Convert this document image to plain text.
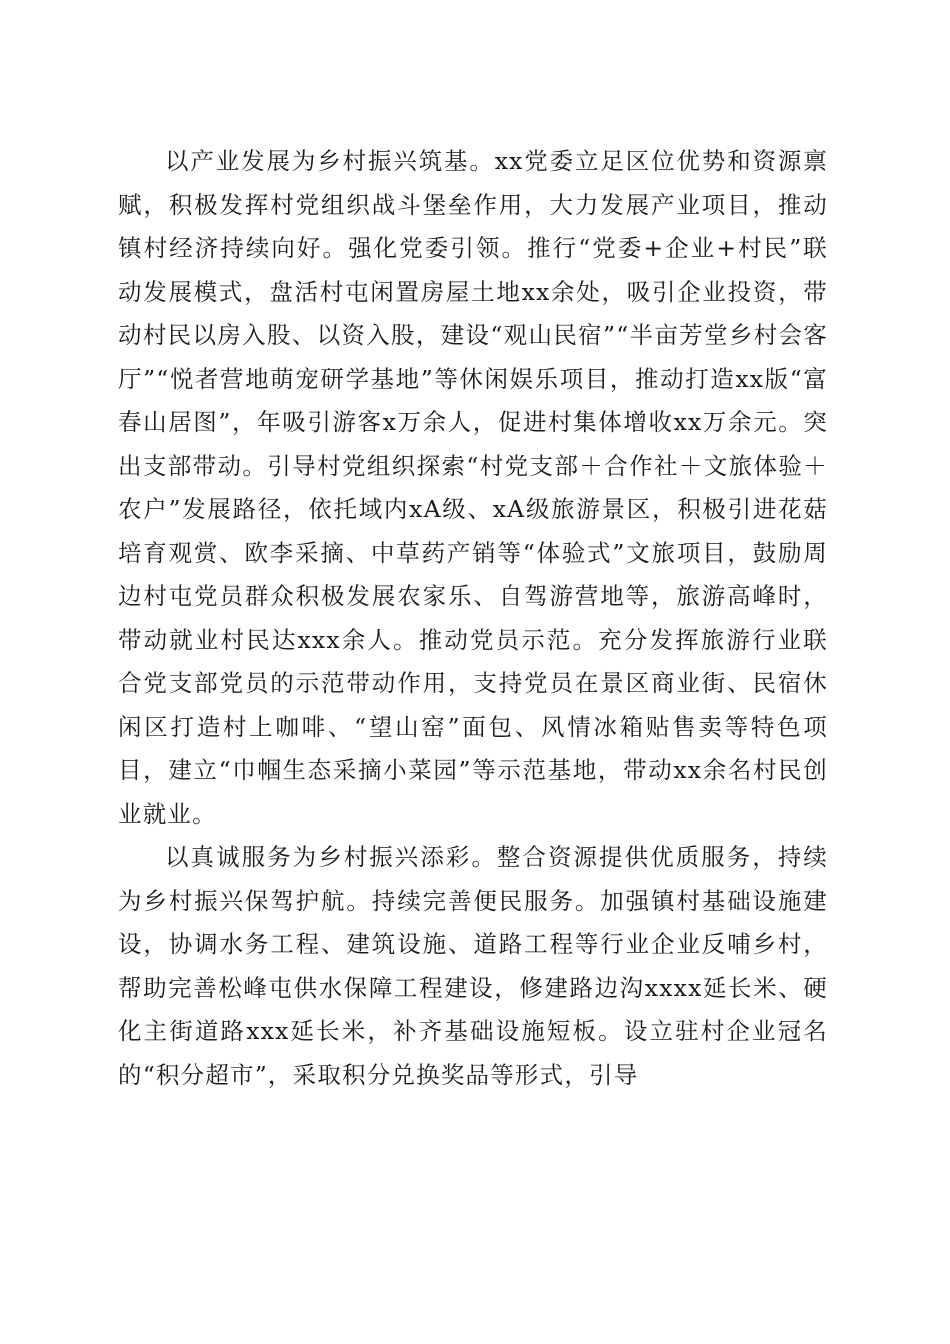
以产业发展为乡村振兴筑基。xx党委立足区位优势和资源禀赋，积极发挥村党组织战斗堡垒作用，大力发展产业项目，推动镇村经济持续向好。强化党委引领。推行“党委+企业+村民”联动发展模式，盘活村屯闲置房屋土地xx余处，吸引企业投资，带动村民以房入股、以资入股，建设“观山民宿”“半亩芳堂乡村会客厅”“悦者营地萌宠研学基地”等休闲娱乐项目，推动打造xx版“富春山居图”，年吸引游客x万余人，促进村集体增收xx万余元。突出支部带动。引导村党组织探索“村党支部＋合作社＋文旅体验＋农户”发展路径，依托域内xA级、xA级旅游景区，积极引进花菇培育观赏、欧李采摘、中草药产销等“体验式”文旅项目，鼓励周边村屯党员群众积极发展农家乐、自驾游营地等，旅游高峰时，带动就业村民达xxx余人。推动党员示范。充分发挥旅游行业联合党支部党员的示范带动作用，支持党员在景区商业街、民宿休闲区打造村上咖啡、“望山窑”面包、风情冰箱贴售卖等特色项目，建立“巾帼生态采摘小菜园”等示范基地，带动xx余名村民创业就业。

以真诚服务为乡村振兴添彩。整合资源提供优质服务，持续为乡村振兴保驾护航。持续完善便民服务。加强镇村基础设施建设，协调水务工程、建筑设施、道路工程等行业企业反哺乡村，帮助完善松峰屯供水保障工程建设，修建路边沟xxxx延长米、硬化主街道路xxx延长米，补齐基础设施短板。设立驻村企业冠名的“积分超市”，采取积分兑换奖品等形式，引导
